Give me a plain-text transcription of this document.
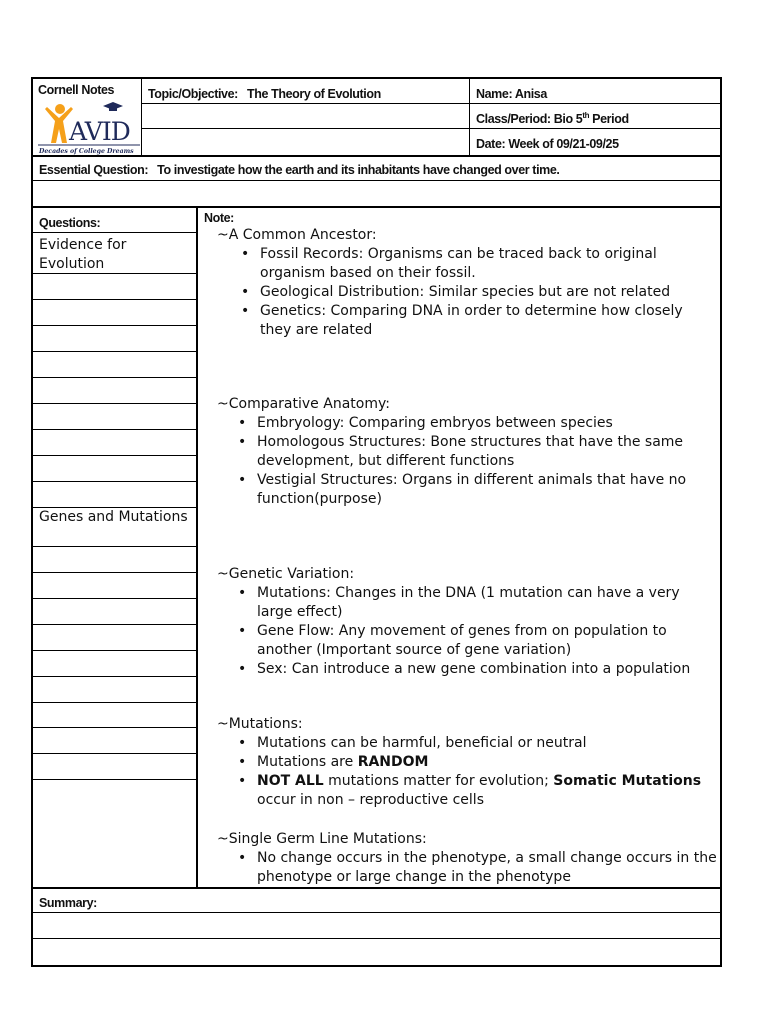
Cornell Notes
AVID
Decades of College Dreams
Topic/Objective: The Theory of Evolution	Name: Anisa
Class/Period: Bio 5th Period
Date: Week of 09/21-09/25
Essential Question: To investigate how the earth and its inhabitants have changed over time.
Questions:
Evidence for Evolution
Genes and Mutations
Note:
~A Common Ancestor:
• Fossil Records: Organisms can be traced back to original organism based on their fossil.
• Geological Distribution: Similar species but are not related
• Genetics: Comparing DNA in order to determine how closely they are related
~Comparative Anatomy:
• Embryology: Comparing embryos between species
• Homologous Structures: Bone structures that have the same development, but different functions
• Vestigial Structures: Organs in different animals that have no function(purpose)
~Genetic Variation:
• Mutations: Changes in the DNA (1 mutation can have a very large effect)
• Gene Flow: Any movement of genes from on population to another (Important source of gene variation)
• Sex: Can introduce a new gene combination into a population
~Mutations:
• Mutations can be harmful, beneficial or neutral
• Mutations are RANDOM
• NOT ALL mutations matter for evolution; Somatic Mutations occur in non – reproductive cells
~Single Germ Line Mutations:
• No change occurs in the phenotype, a small change occurs in the phenotype or large change in the phenotype
Summary:
